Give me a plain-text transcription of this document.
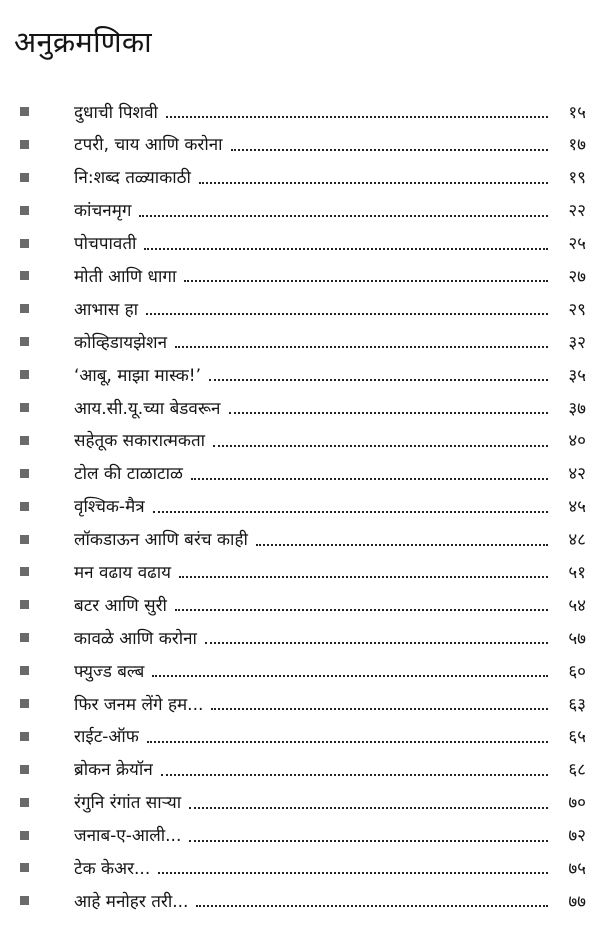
अनुक्रमणिका
दुधाची पिशवी	१५
टपरी, चाय आणि करोना	१७
नि:शब्द तळ्याकाठी	१९
कांचनमृग	२२
पोचपावती	२५
मोती आणि धागा	२७
आभास हा	२९
कोव्हिडायझेशन	३२
‘आबू, माझा मास्क!’	३५
आय.सी.यू.च्या बेडवरून	३७
सहेतूक सकारात्मकता	४०
टोल की टाळाटाळ	४२
वृश्चिक-मैत्र	४५
लॉकडाऊन आणि बरंच काही	४८
मन वढाय वढाय	५१
बटर आणि सुरी	५४
कावळे आणि करोना	५७
फ्युज्ड बल्ब	६०
फिर जनम लेंगे हम...	६३
राईट-ऑफ	६५
ब्रोकन क्रेयॉन	६८
रंगुनि रंगांत साऱ्या	७०
जनाब-ए-आली...	७२
टेक केअर...	७५
आहे मनोहर तरी...	७७
